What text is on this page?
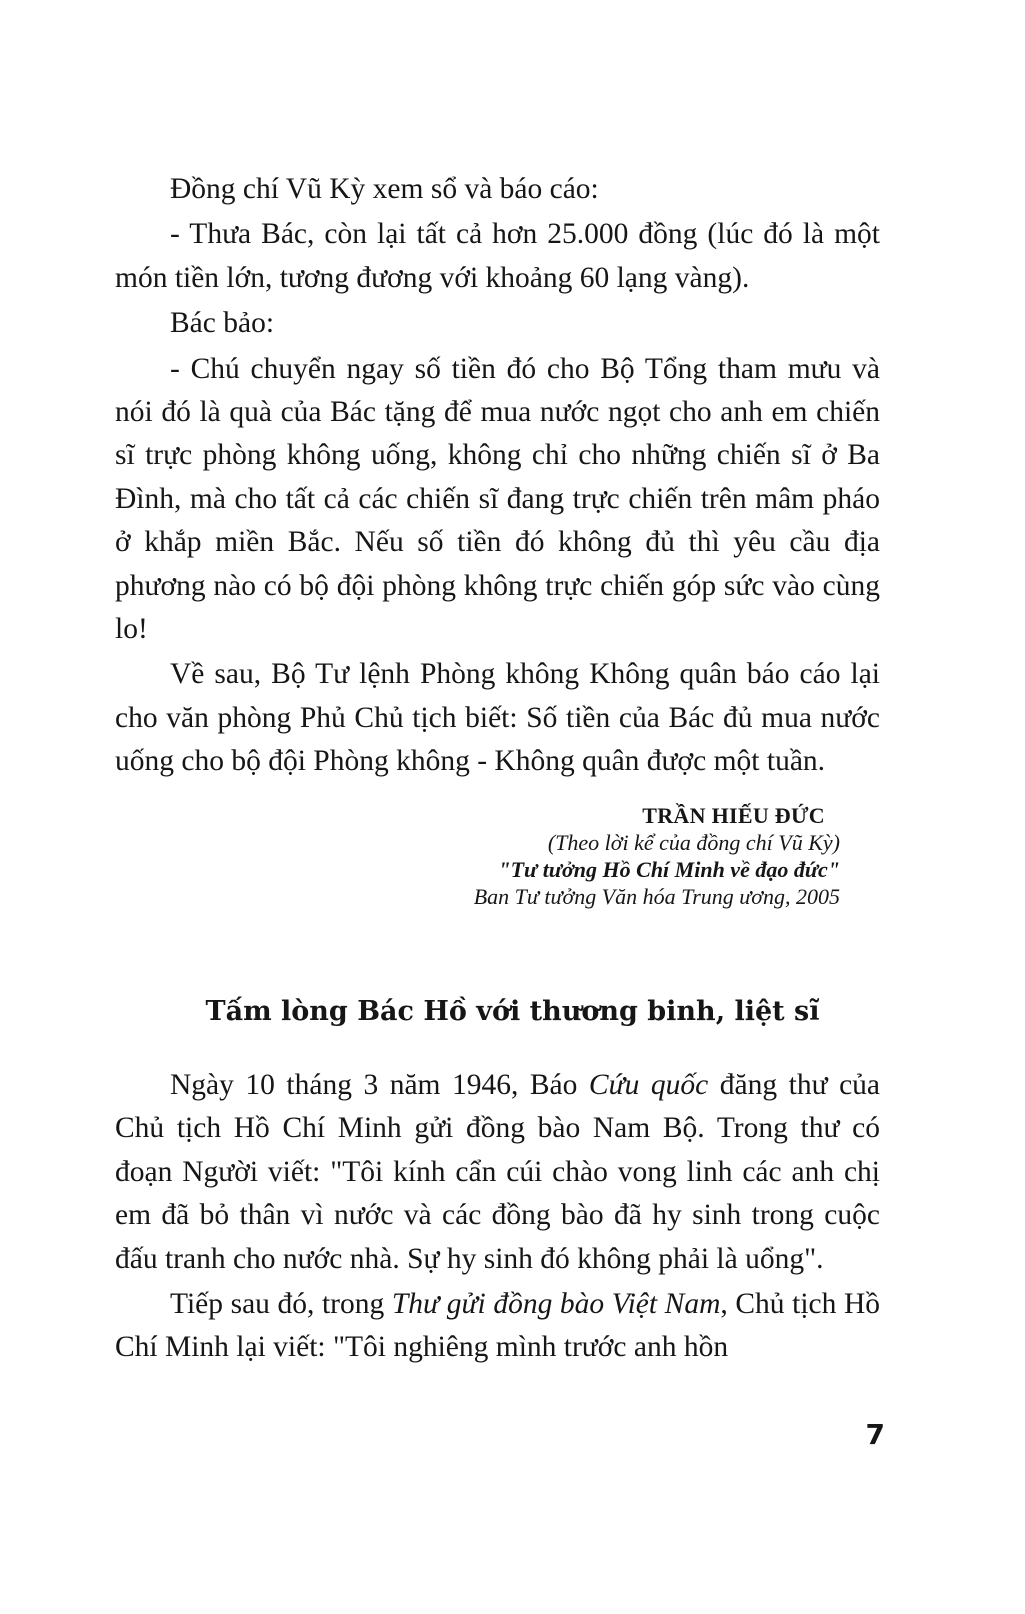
Đồng chí Vũ Kỳ xem sổ và báo cáo:

- Thưa Bác, còn lại tất cả hơn 25.000 đồng (lúc đó là một món tiền lớn, tương đương với khoảng 60 lạng vàng).

Bác bảo:

- Chú chuyển ngay số tiền đó cho Bộ Tổng tham mưu và nói đó là quà của Bác tặng để mua nước ngọt cho anh em chiến sĩ trực phòng không uống, không chỉ cho những chiến sĩ ở Ba Đình, mà cho tất cả các chiến sĩ đang trực chiến trên mâm pháo ở khắp miền Bắc. Nếu số tiền đó không đủ thì yêu cầu địa phương nào có bộ đội phòng không trực chiến góp sức vào cùng lo!

Về sau, Bộ Tư lệnh Phòng không Không quân báo cáo lại cho văn phòng Phủ Chủ tịch biết: Số tiền của Bác đủ mua nước uống cho bộ đội Phòng không - Không quân được một tuần.

TRẦN HIẾU ĐỨC
(Theo lời kể của đồng chí Vũ Kỳ)
"Tư tưởng Hồ Chí Minh về đạo đức"
Ban Tư tưởng Văn hóa Trung ương, 2005
Tấm lòng Bác Hồ với thương binh, liệt sĩ

Ngày 10 tháng 3 năm 1946, Báo Cứu quốc đăng thư của Chủ tịch Hồ Chí Minh gửi đồng bào Nam Bộ. Trong thư có đoạn Người viết: "Tôi kính cẩn cúi chào vong linh các anh chị em đã bỏ thân vì nước và các đồng bào đã hy sinh trong cuộc đấu tranh cho nước nhà. Sự hy sinh đó không phải là uổng".

Tiếp sau đó, trong Thư gửi đồng bào Việt Nam, Chủ tịch Hồ Chí Minh lại viết: "Tôi nghiêng mình trước anh hồn

7
